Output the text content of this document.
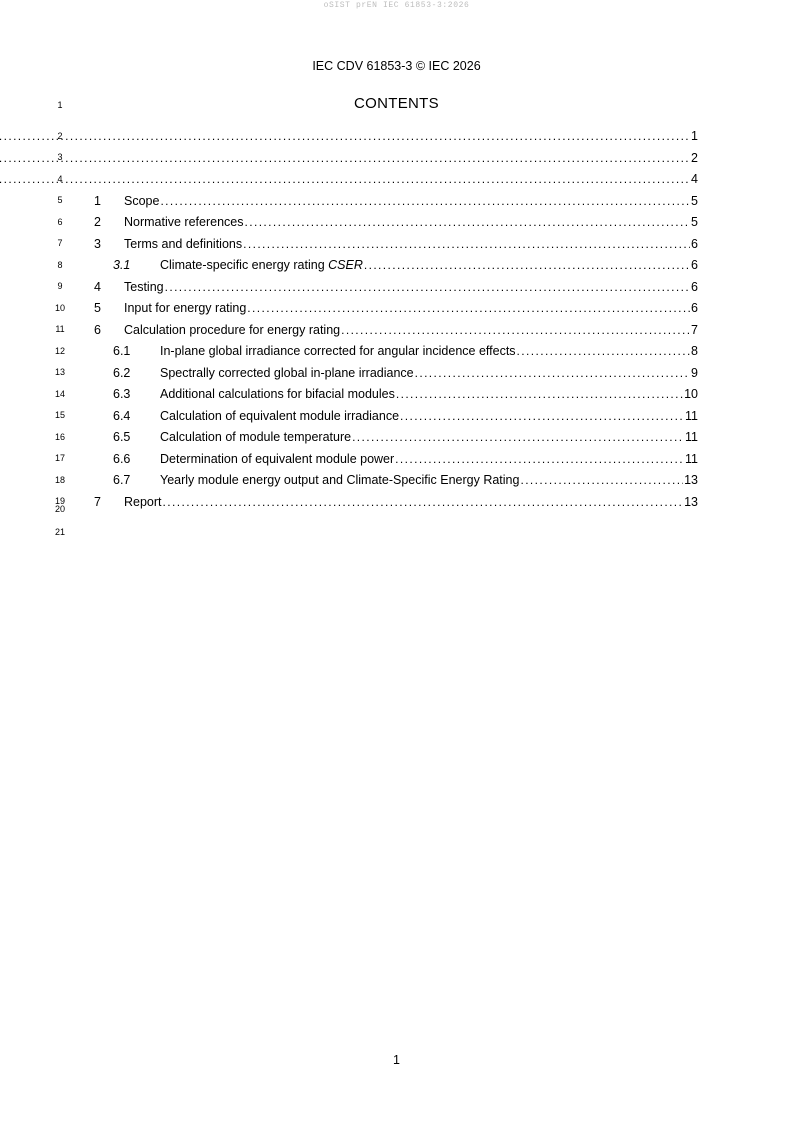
oSIST prEN IEC 61853-3:2026
IEC CDV 61853-3 © IEC 2026
1	CONTENTS
2 .....	1
3 .....	2
4 .....	4
5	1	Scope .....	5
6	2	Normative references .....	5
7	3	Terms and definitions .....	6
8	3.1	Climate-specific energy rating CSER .....	6
9	4	Testing .....	6
10	5	Input for energy rating .....	6
11	6	Calculation procedure for energy rating .....	7
12	6.1	In-plane global irradiance corrected for angular incidence effects .....	8
13	6.2	Spectrally corrected global in-plane irradiance .....	9
14	6.3	Additional calculations for bifacial modules .....	10
15	6.4	Calculation of equivalent module irradiance .....	11
16	6.5	Calculation of module temperature .....	11
17	6.6	Determination of equivalent module power .....	11
18	6.7	Yearly module energy output and Climate-Specific Energy Rating .....	13
19	7	Report .....	13
20
21
1
